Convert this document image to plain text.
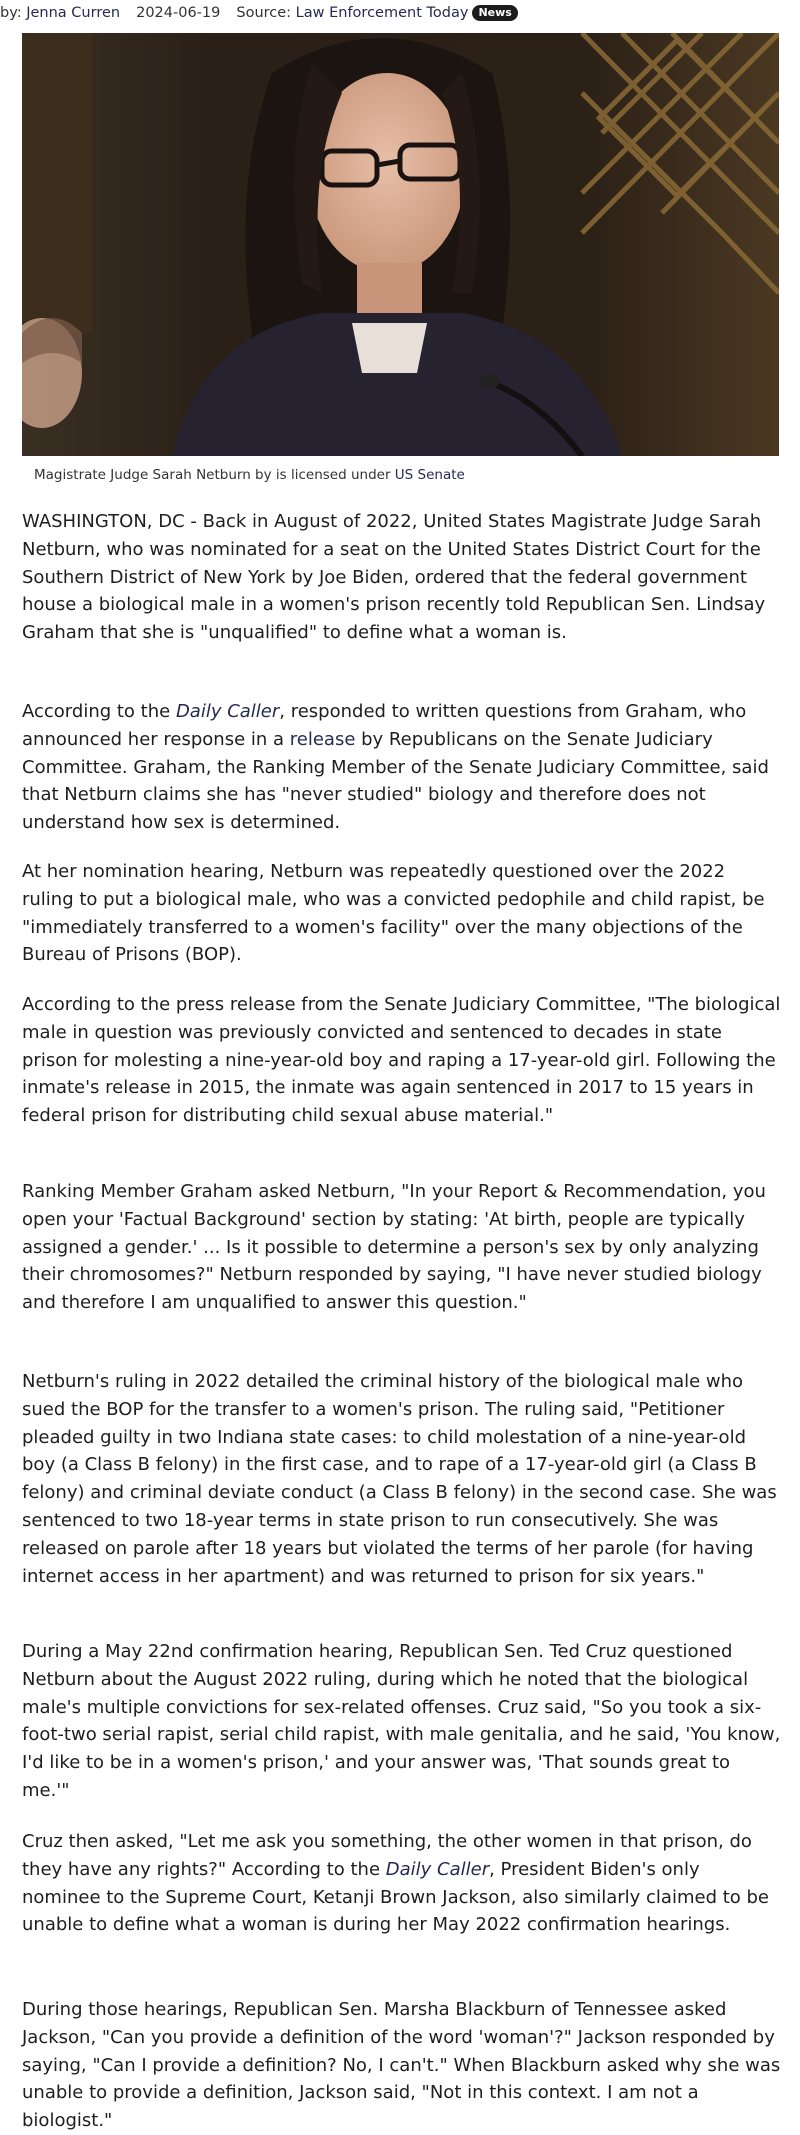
by: Jenna Curren 2024-06-19 Source: Law Enforcement Today News
Magistrate Judge Sarah Netburn by is licensed under US Senate

WASHINGTON, DC - Back in August of 2022, United States Magistrate Judge Sarah Netburn, who was nominated for a seat on the United States District Court for the Southern District of New York by Joe Biden, ordered that the federal government house a biological male in a women's prison recently told Republican Sen. Lindsay Graham that she is "unqualified" to define what a woman is.

According to the Daily Caller, responded to written questions from Graham, who announced her response in a release by Republicans on the Senate Judiciary Committee. Graham, the Ranking Member of the Senate Judiciary Committee, said that Netburn claims she has "never studied" biology and therefore does not understand how sex is determined.

At her nomination hearing, Netburn was repeatedly questioned over the 2022 ruling to put a biological male, who was a convicted pedophile and child rapist, be "immediately transferred to a women's facility" over the many objections of the Bureau of Prisons (BOP).

According to the press release from the Senate Judiciary Committee, "The biological male in question was previously convicted and sentenced to decades in state prison for molesting a nine-year-old boy and raping a 17-year-old girl. Following the inmate's release in 2015, the inmate was again sentenced in 2017 to 15 years in federal prison for distributing child sexual abuse material."

Ranking Member Graham asked Netburn, "In your Report & Recommendation, you open your 'Factual Background' section by stating: 'At birth, people are typically assigned a gender.' ... Is it possible to determine a person's sex by only analyzing their chromosomes?" Netburn responded by saying, "I have never studied biology and therefore I am unqualified to answer this question."

Netburn's ruling in 2022 detailed the criminal history of the biological male who sued the BOP for the transfer to a women's prison. The ruling said, "Petitioner pleaded guilty in two Indiana state cases: to child molestation of a nine-year-old boy (a Class B felony) in the first case, and to rape of a 17-year-old girl (a Class B felony) and criminal deviate conduct (a Class B felony) in the second case. She was sentenced to two 18-year terms in state prison to run consecutively. She was released on parole after 18 years but violated the terms of her parole (for having internet access in her apartment) and was returned to prison for six years."

During a May 22nd confirmation hearing, Republican Sen. Ted Cruz questioned Netburn about the August 2022 ruling, during which he noted that the biological male's multiple convictions for sex-related offenses. Cruz said, "So you took a six-foot-two serial rapist, serial child rapist, with male genitalia, and he said, 'You know, I'd like to be in a women's prison,' and your answer was, 'That sounds great to me.'"

Cruz then asked, "Let me ask you something, the other women in that prison, do they have any rights?" According to the Daily Caller, President Biden's only nominee to the Supreme Court, Ketanji Brown Jackson, also similarly claimed to be unable to define what a woman is during her May 2022 confirmation hearings.

During those hearings, Republican Sen. Marsha Blackburn of Tennessee asked Jackson, "Can you provide a definition of the word 'woman'?" Jackson responded by saying, "Can I provide a definition? No, I can't." When Blackburn asked why she was unable to provide a definition, Jackson said, "Not in this context. I am not a biologist."
